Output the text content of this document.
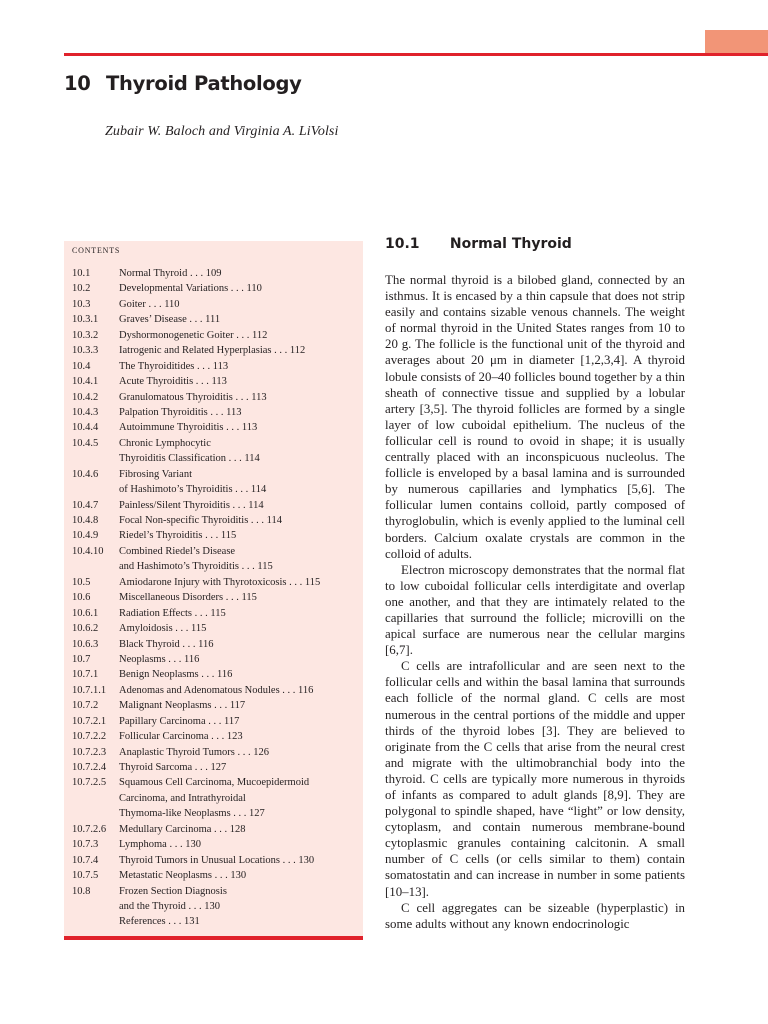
10 Thyroid Pathology
Zubair W. Baloch and Virginia A. LiVolsi
CONTENTS
10.1	Normal Thyroid . . . 109
10.2	Developmental Variations . . . 110
10.3	Goiter . . . 110
10.3.1	Graves’ Disease . . . 111
10.3.2	Dyshormonogenetic Goiter . . . 112
10.3.3	Iatrogenic and Related Hyperplasias . . . 112
10.4	The Thyroiditides . . . 113
10.4.1	Acute Thyroiditis . . . 113
10.4.2	Granulomatous Thyroiditis . . . 113
10.4.3	Palpation Thyroiditis . . . 113
10.4.4	Autoimmune Thyroiditis . . . 113
10.4.5	Chronic Lymphocytic
Thyroiditis Classification . . . 114
10.4.6	Fibrosing Variant
of Hashimoto’s Thyroiditis . . . 114
10.4.7	Painless/Silent Thyroiditis . . . 114
10.4.8	Focal Non-specific Thyroiditis . . . 114
10.4.9	Riedel’s Thyroiditis . . . 115
10.4.10	Combined Riedel’s Disease
and Hashimoto’s Thyroiditis . . . 115
10.5	Amiodarone Injury with Thyrotoxicosis . . . 115
10.6	Miscellaneous Disorders . . . 115
10.6.1	Radiation Effects . . . 115
10.6.2	Amyloidosis . . . 115
10.6.3	Black Thyroid . . . 116
10.7	Neoplasms . . . 116
10.7.1	Benign Neoplasms . . . 116
10.7.1.1	Adenomas and Adenomatous Nodules . . . 116
10.7.2	Malignant Neoplasms . . . 117
10.7.2.1	Papillary Carcinoma . . . 117
10.7.2.2	Follicular Carcinoma . . . 123
10.7.2.3	Anaplastic Thyroid Tumors . . . 126
10.7.2.4	Thyroid Sarcoma . . . 127
10.7.2.5	Squamous Cell Carcinoma, Mucoepidermoid
Carcinoma, and Intrathyroidal
Thymoma-like Neoplasms . . . 127
10.7.2.6	Medullary Carcinoma . . . 128
10.7.3	Lymphoma . . . 130
10.7.4	Thyroid Tumors in Unusual Locations . . . 130
10.7.5	Metastatic Neoplasms . . . 130
10.8	Frozen Section Diagnosis
and the Thyroid . . . 130
References . . . 131
10.1 Normal Thyroid

The normal thyroid is a bilobed gland, connected by an isthmus. It is encased by a thin capsule that does not strip easily and contains sizable venous channels. The weight of normal thyroid in the United States ranges from 10 to 20 g. The follicle is the functional unit of the thyroid and averages about 20 μm in diameter [1,2,3,4]. A thyroid lobule consists of 20–40 follicles bound together by a thin sheath of connective tissue and supplied by a lobular artery [3,5]. The thyroid follicles are formed by a single layer of low cuboidal epithelium. The nucleus of the follicular cell is round to ovoid in shape; it is usually centrally placed with an inconspicuous nucleolus. The follicle is enveloped by a basal lamina and is surrounded by numerous capillaries and lymphatics [5,6]. The follicular lumen contains colloid, partly composed of thyroglobulin, which is evenly applied to the luminal cell borders. Calcium oxalate crystals are common in the colloid of adults.

Electron microscopy demonstrates that the normal flat to low cuboidal follicular cells interdigitate and overlap one another, and that they are intimately related to the capillaries that surround the follicle; microvilli on the apical surface are numerous near the cellular margins [6,7].

C cells are intrafollicular and are seen next to the follicular cells and within the basal lamina that surrounds each follicle of the normal gland. C cells are most numerous in the central portions of the middle and upper thirds of the thyroid lobes [3]. They are believed to originate from the C cells that arise from the neural crest and migrate with the ultimobranchial body into the thyroid. C cells are typically more numerous in thyroids of infants as compared to adult glands [8,9]. They are polygonal to spindle shaped, have “light” or low density, cytoplasm, and contain numerous membrane-bound cytoplasmic granules containing calcitonin. A small number of C cells (or cells similar to them) contain somatostatin and can increase in number in some patients [10–13].

C cell aggregates can be sizeable (hyperplastic) in some adults without any known endocrinologic
